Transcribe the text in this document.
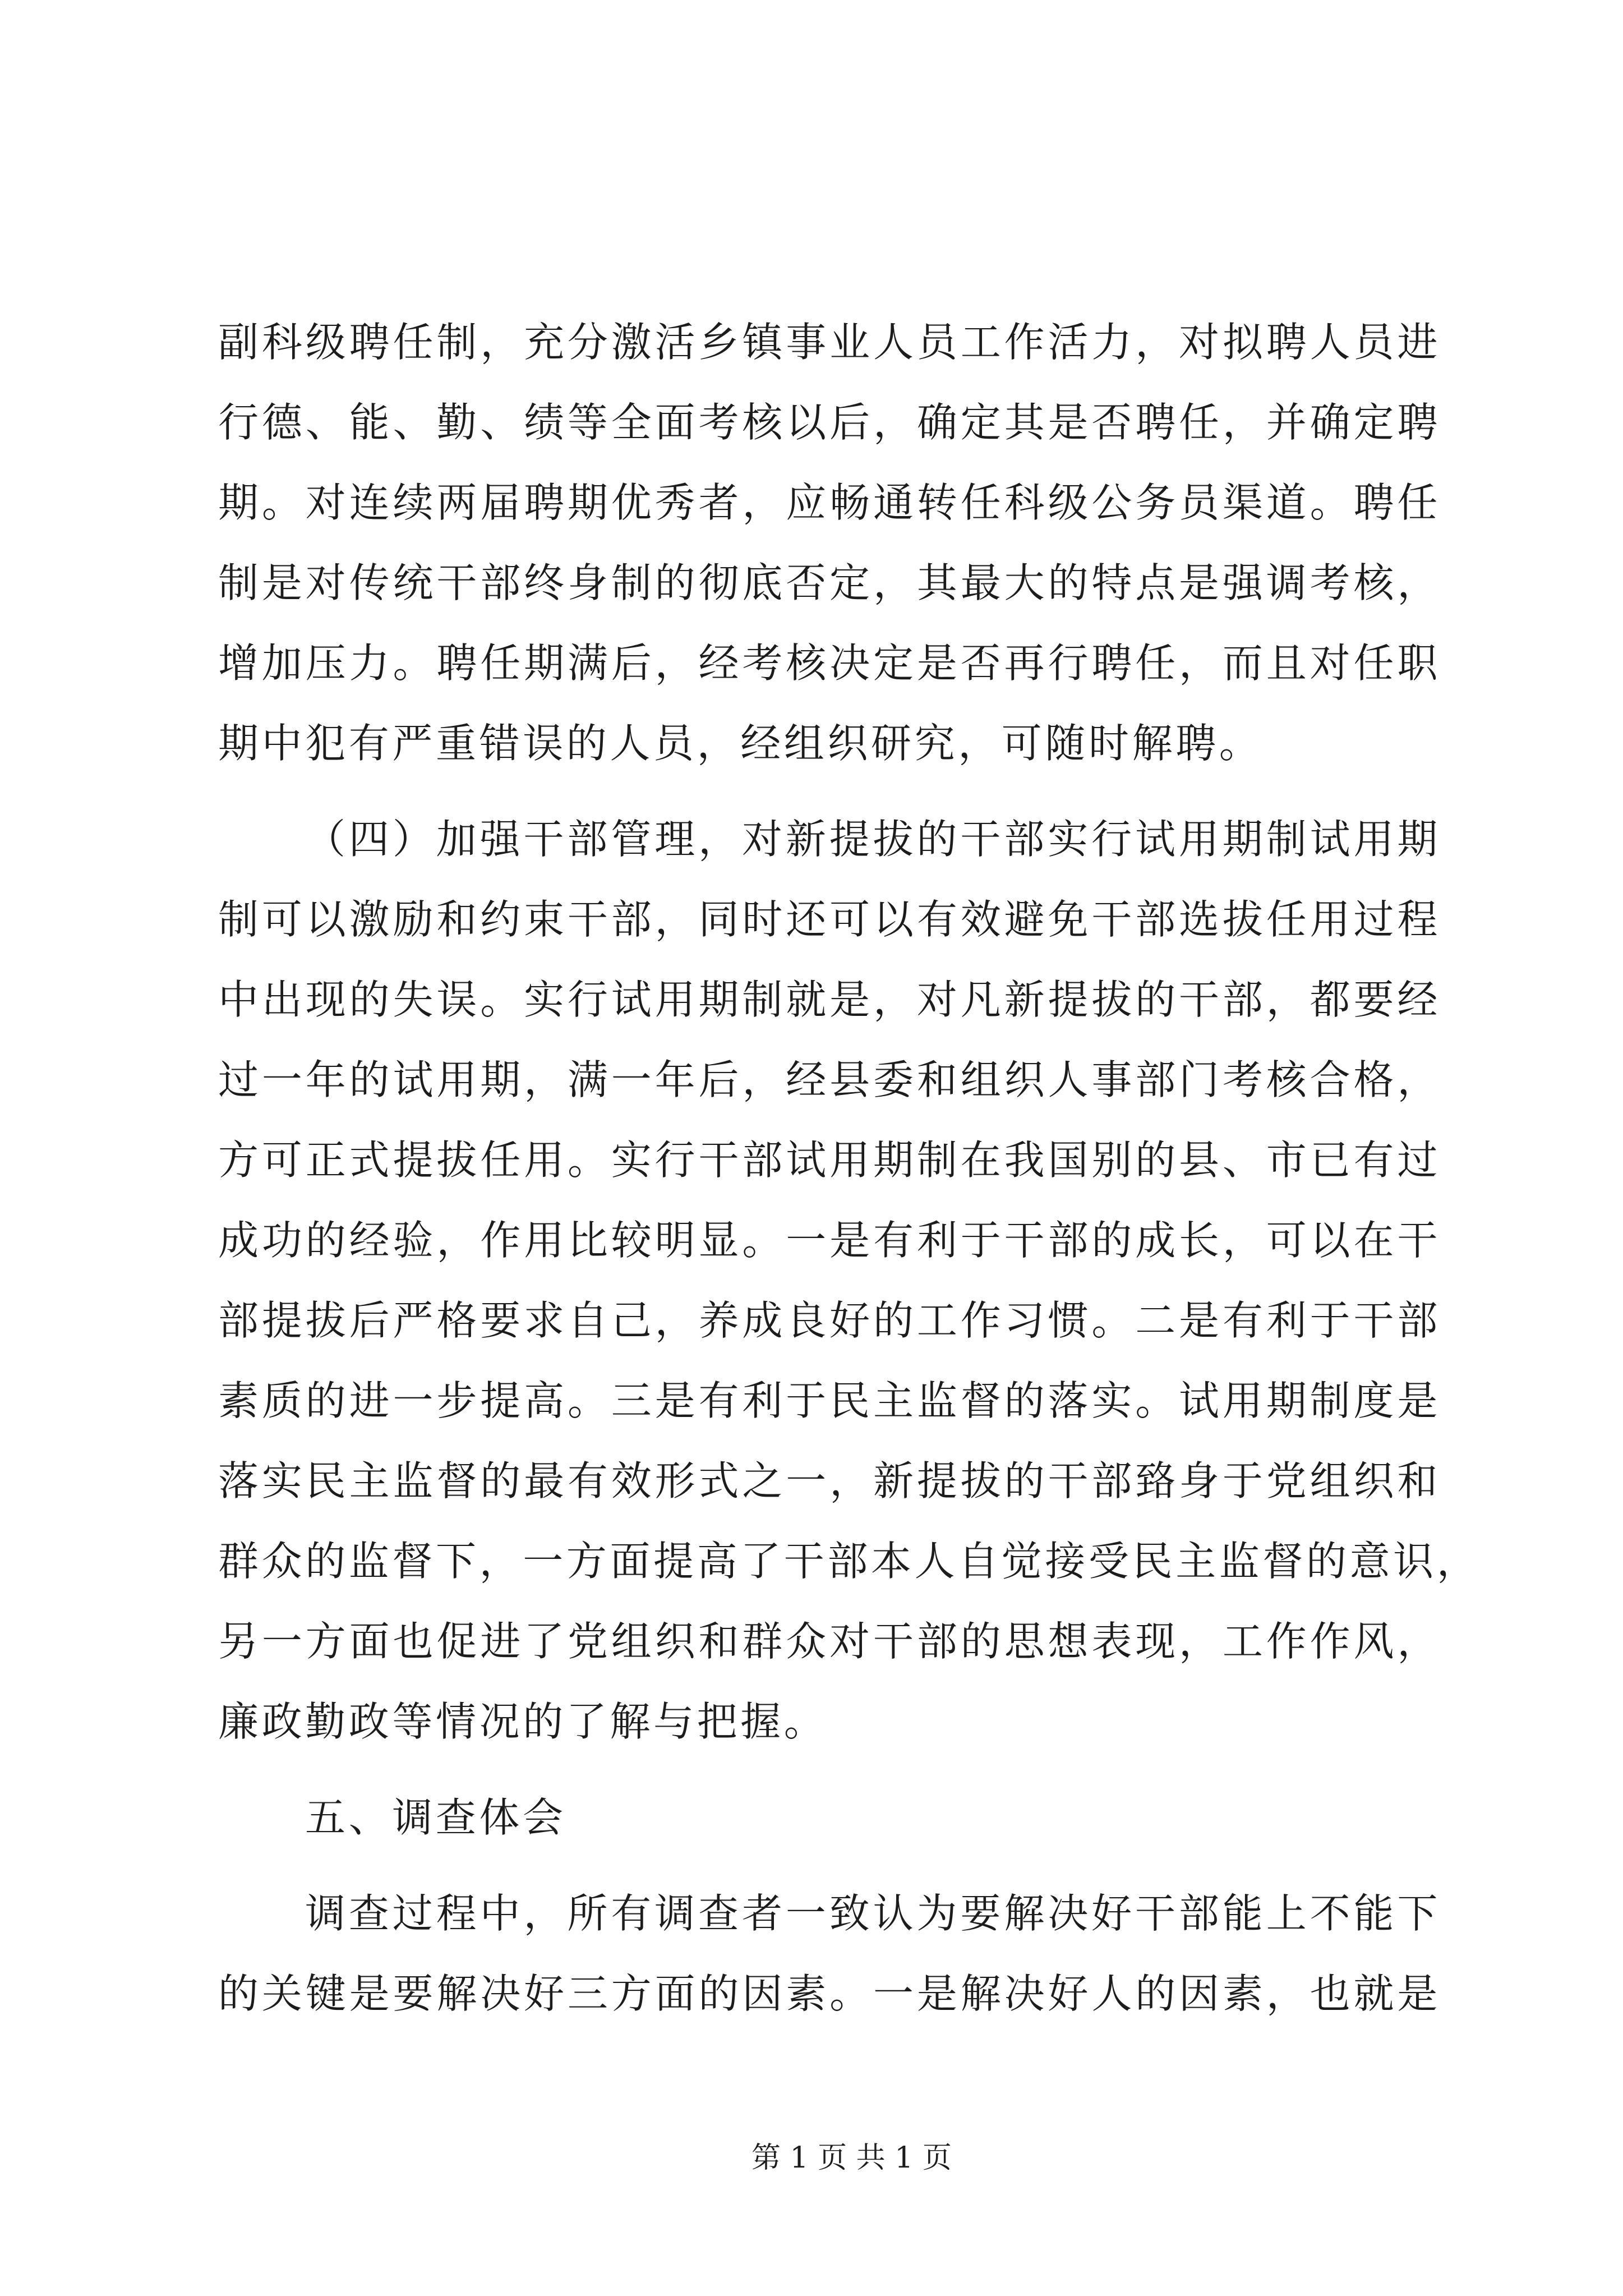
副科级聘任制，充分激活乡镇事业人员工作活力，对拟聘人员进
行德、能、勤、绩等全面考核以后，确定其是否聘任，并确定聘
期。对连续两届聘期优秀者，应畅通转任科级公务员渠道。聘任
制是对传统干部终身制的彻底否定，其最大的特点是强调考核，
增加压力。聘任期满后，经考核决定是否再行聘任，而且对任职
期中犯有严重错误的人员，经组织研究，可随时解聘。
（四）加强干部管理，对新提拔的干部实行试用期制试用期
制可以激励和约束干部，同时还可以有效避免干部选拔任用过程
中出现的失误。实行试用期制就是，对凡新提拔的干部，都要经
过一年的试用期，满一年后，经县委和组织人事部门考核合格，
方可正式提拔任用。实行干部试用期制在我国别的县、市已有过
成功的经验，作用比较明显。一是有利于干部的成长，可以在干
部提拔后严格要求自己，养成良好的工作习惯。二是有利于干部
素质的进一步提高。三是有利于民主监督的落实。试用期制度是
落实民主监督的最有效形式之一，新提拔的干部臵身于党组织和
群众的监督下，一方面提高了干部本人自觉接受民主监督的意识，
另一方面也促进了党组织和群众对干部的思想表现，工作作风，
廉政勤政等情况的了解与把握。
五、调查体会
调查过程中，所有调查者一致认为要解决好干部能上不能下
的关键是要解决好三方面的因素。一是解决好人的因素，也就是
第 1 页 共 1 页
